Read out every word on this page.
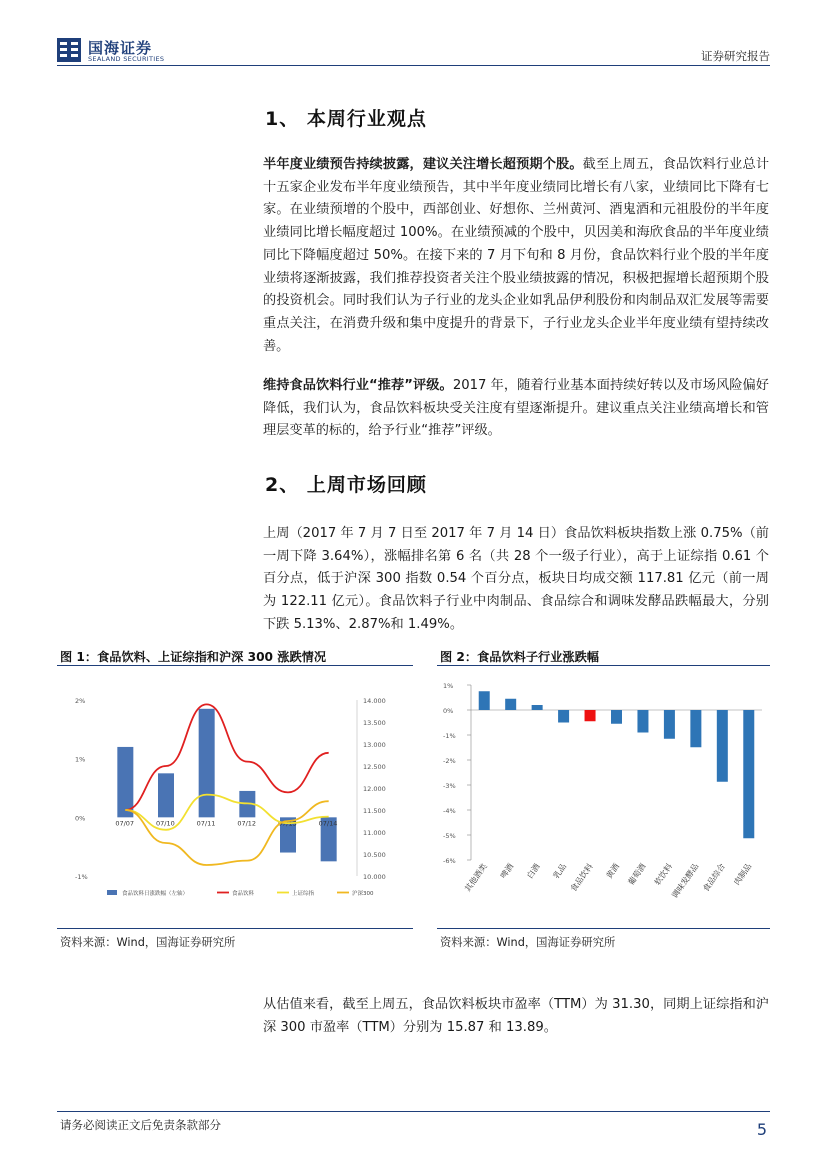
国海证券
SEALAND SECURITIES	证券研究报告
1、 本周行业观点
半年度业绩预告持续披露，建议关注增长超预期个股。截至上周五，食品饮料行业总计十五家企业发布半年度业绩预告，其中半年度业绩同比增长有八家，业绩同比下降有七家。在业绩预增的个股中，西部创业、好想你、兰州黄河、酒鬼酒和元祖股份的半年度业绩同比增长幅度超过 100%。在业绩预减的个股中，贝因美和海欣食品的半年度业绩同比下降幅度超过 50%。在接下来的 7 月下旬和 8 月份，食品饮料行业个股的半年度业绩将逐渐披露，我们推荐投资者关注个股业绩披露的情况，积极把握增长超预期个股的投资机会。同时我们认为子行业的龙头企业如乳品伊利股份和肉制品双汇发展等需要重点关注，在消费升级和集中度提升的背景下，子行业龙头企业半年度业绩有望持续改善。
维持食品饮料行业“推荐”评级。2017 年，随着行业基本面持续好转以及市场风险偏好降低，我们认为，食品饮料板块受关注度有望逐渐提升。建议重点关注业绩高增长和管理层变革的标的，给予行业“推荐”评级。
2、 上周市场回顾
上周（2017 年 7 月 7 日至 2017 年 7 月 14 日）食品饮料板块指数上涨 0.75%（前一周下降 3.64%），涨幅排名第 6 名（共 28 个一级子行业），高于上证综指 0.61 个百分点，低于沪深 300 指数 0.54 个百分点，板块日均成交额 117.81 亿元（前一周为 122.11 亿元）。食品饮料子行业中肉制品、食品综合和调味发酵品跌幅最大，分别下跌 5.13%、2.87%和 1.49%。
图 1：食品饮料、上证综指和沪深 300 涨跌情况
2%
1%
0%
-1%
14.000
13.500
13.000
12.500
12.000
11.500
11.000
10.500
10.000
07/07	07/10	07/11	07/12	07/13	07/14
食品饮料日涨跌幅（左轴）	食品饮料	上证综指	沪深300
资料来源：Wind，国海证券研究所
图 2：食品饮料子行业涨跌幅
1%
0%
-1%
-2%
-3%
-4%
-5%
-6%
其他酒类 啤酒 白酒 乳品 食品饮料 黄酒 葡萄酒 软饮料
调味发酵品 食品综合 肉制品
资料来源：Wind，国海证券研究所
从估值来看，截至上周五，食品饮料板块市盈率（TTM）为 31.30，同期上证综指和沪深 300 市盈率（TTM）分别为 15.87 和 13.89。
请务必阅读正文后免责条款部分	5
